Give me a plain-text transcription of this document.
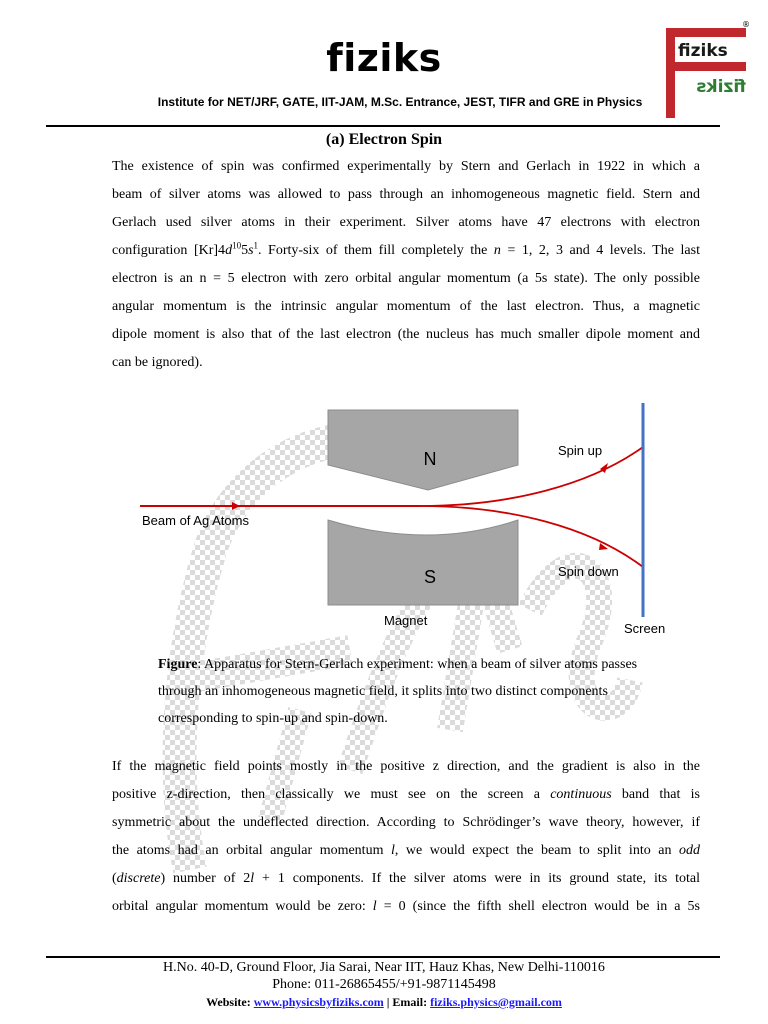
fiziks	fiziks
fiziks
®
Institute for NET/JRF, GATE, IIT-JAM, M.Sc. Entrance, JEST, TIFR and GRE in Physics
(a) Electron Spin
The existence of spin was confirmed experimentally by Stern and Gerlach in 1922 in which a
beam of silver atoms was allowed to pass through an inhomogeneous magnetic field. Stern and
Gerlach used silver atoms in their experiment. Silver atoms have 47 electrons with electron
configuration $[Kr]4d^{10}5s^1$. Forty-six of them fill completely the n = 1, 2, 3 and 4 levels. The last
electron is an n = 5 electron with zero orbital angular momentum (a 5s state). The only possible
angular momentum is the intrinsic angular momentum of the last electron. Thus, a magnetic
dipole moment is also that of the last electron (the nucleus has much smaller dipole moment and
can be ignored).
N
S
Beam of Ag Atoms
Spin up
Spin down
Magnet
Screen
Figure: Apparatus for Stern-Gerlach experiment: when a beam of silver atoms passes through an inhomogeneous magnetic field, it splits into two distinct components corresponding to spin-up and spin-down.
If the magnetic field points mostly in the positive z direction, and the gradient is also in the
positive z-direction, then classically we must see on the screen a continuous band that is
symmetric about the undeflected direction. According to Schrödinger’s wave theory, however, if
the atoms had an orbital angular momentum l, we would expect the beam to split into an odd
(discrete) number of 2l + 1 components. If the silver atoms were in its ground state, its total
orbital angular momentum would be zero: l = 0 (since the fifth shell electron would be in a 5s
H.No. 40-D, Ground Floor, Jia Sarai, Near IIT, Hauz Khas, New Delhi-110016
Phone: 011-26865455/+91-9871145498
Website: www.physicsbyfiziks.com | Email: fiziks.physics@gmail.com
